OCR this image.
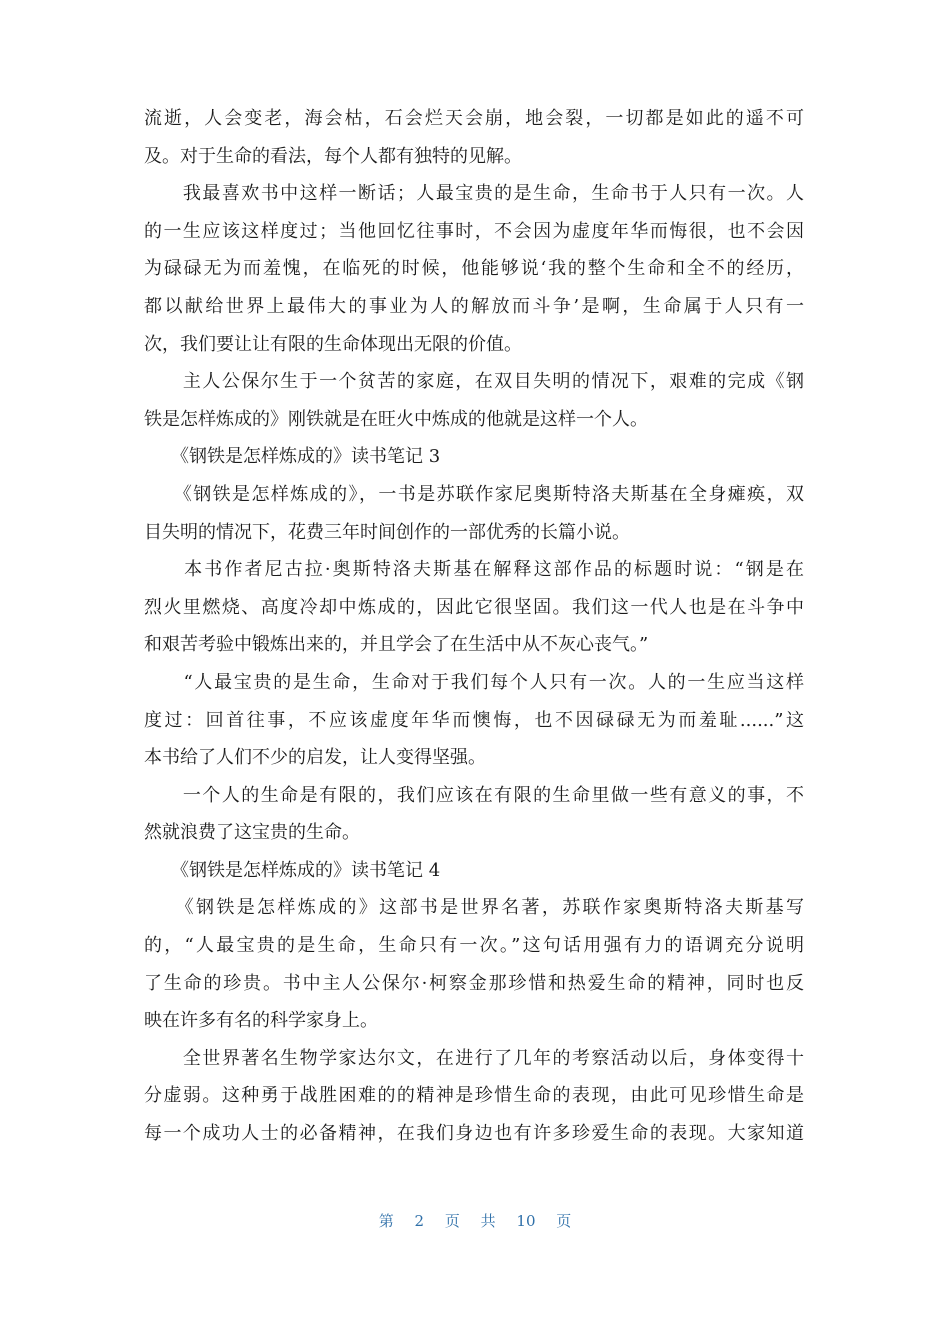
流逝，人会变老，海会枯，石会烂天会崩，地会裂，一切都是如此的遥不可
及。对于生命的看法，每个人都有独特的见解。
　　我最喜欢书中这样一断话；人最宝贵的是生命，生命书于人只有一次。人
的一生应该这样度过；当他回忆往事时，不会因为虚度年华而悔很，也不会因
为碌碌无为而羞愧，在临死的时候，他能够说‘我的整个生命和全不的经历，
都以献给世界上最伟大的事业为人的解放而斗争’是啊，生命属于人只有一
次，我们要让让有限的生命体现出无限的价值。
　　主人公保尔生于一个贫苦的家庭，在双目失明的情况下，艰难的完成《钢
铁是怎样炼成的》刚铁就是在旺火中炼成的他就是这样一个人。
　　《钢铁是怎样炼成的》读书笔记 3
　　《钢铁是怎样炼成的》，一书是苏联作家尼奥斯特洛夫斯基在全身瘫痪，双
目失明的情况下，花费三年时间创作的一部优秀的长篇小说。
　　本书作者尼古拉·奥斯特洛夫斯基在解释这部作品的标题时说：“钢是在
烈火里燃烧、高度冷却中炼成的，因此它很坚固。我们这一代人也是在斗争中
和艰苦考验中锻炼出来的，并且学会了在生活中从不灰心丧气。”
　　“人最宝贵的是生命，生命对于我们每个人只有一次。人的一生应当这样
度过：回首往事，不应该虚度年华而懊悔，也不因碌碌无为而羞耻......”这
本书给了人们不少的启发，让人变得坚强。
　　一个人的生命是有限的，我们应该在有限的生命里做一些有意义的事，不
然就浪费了这宝贵的生命。
　　《钢铁是怎样炼成的》读书笔记 4
　　《钢铁是怎样炼成的》这部书是世界名著，苏联作家奥斯特洛夫斯基写
的，“人最宝贵的是生命，生命只有一次。”这句话用强有力的语调充分说明
了生命的珍贵。书中主人公保尔·柯察金那珍惜和热爱生命的精神，同时也反
映在许多有名的科学家身上。
　　全世界著名生物学家达尔文，在进行了几年的考察活动以后，身体变得十
分虚弱。这种勇于战胜困难的的精神是珍惜生命的表现，由此可见珍惜生命是
每一个成功人士的必备精神，在我们身边也有许多珍爱生命的表现。大家知道
第 2 页 共 10 页
